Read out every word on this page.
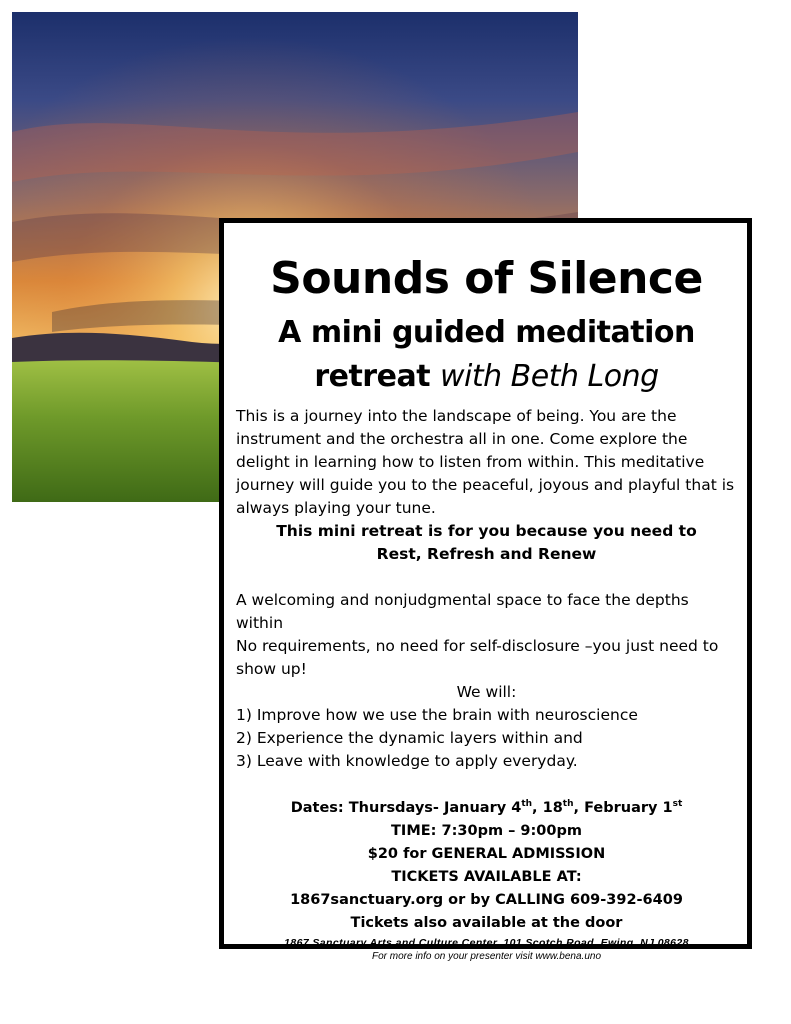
Sounds of Silence
A mini guided meditation
retreat with Beth Long
This is a journey into the landscape of being. You are the instrument and the orchestra all in one. Come explore the delight in learning how to listen from within. This meditative journey will guide you to the peaceful, joyous and playful that is always playing your tune.
This mini retreat is for you because you need to
Rest, Refresh and Renew
A welcoming and nonjudgmental space to face the depths within
No requirements, no need for self-disclosure –you just need to show up!
We will:
1) Improve how we use the brain with neuroscience
2) Experience the dynamic layers within and
3) Leave with knowledge to apply everyday.
Dates: Thursdays- January 4th, 18th, February 1st
TIME: 7:30pm – 9:00pm
$20 for GENERAL ADMISSION
TICKETS AVAILABLE AT:
1867sanctuary.org or by CALLING 609-392-6409
Tickets also available at the door
1867 Sanctuary Arts and Culture Center, 101 Scotch Road, Ewing, NJ 08628
For more info on your presenter visit www.bena.uno
